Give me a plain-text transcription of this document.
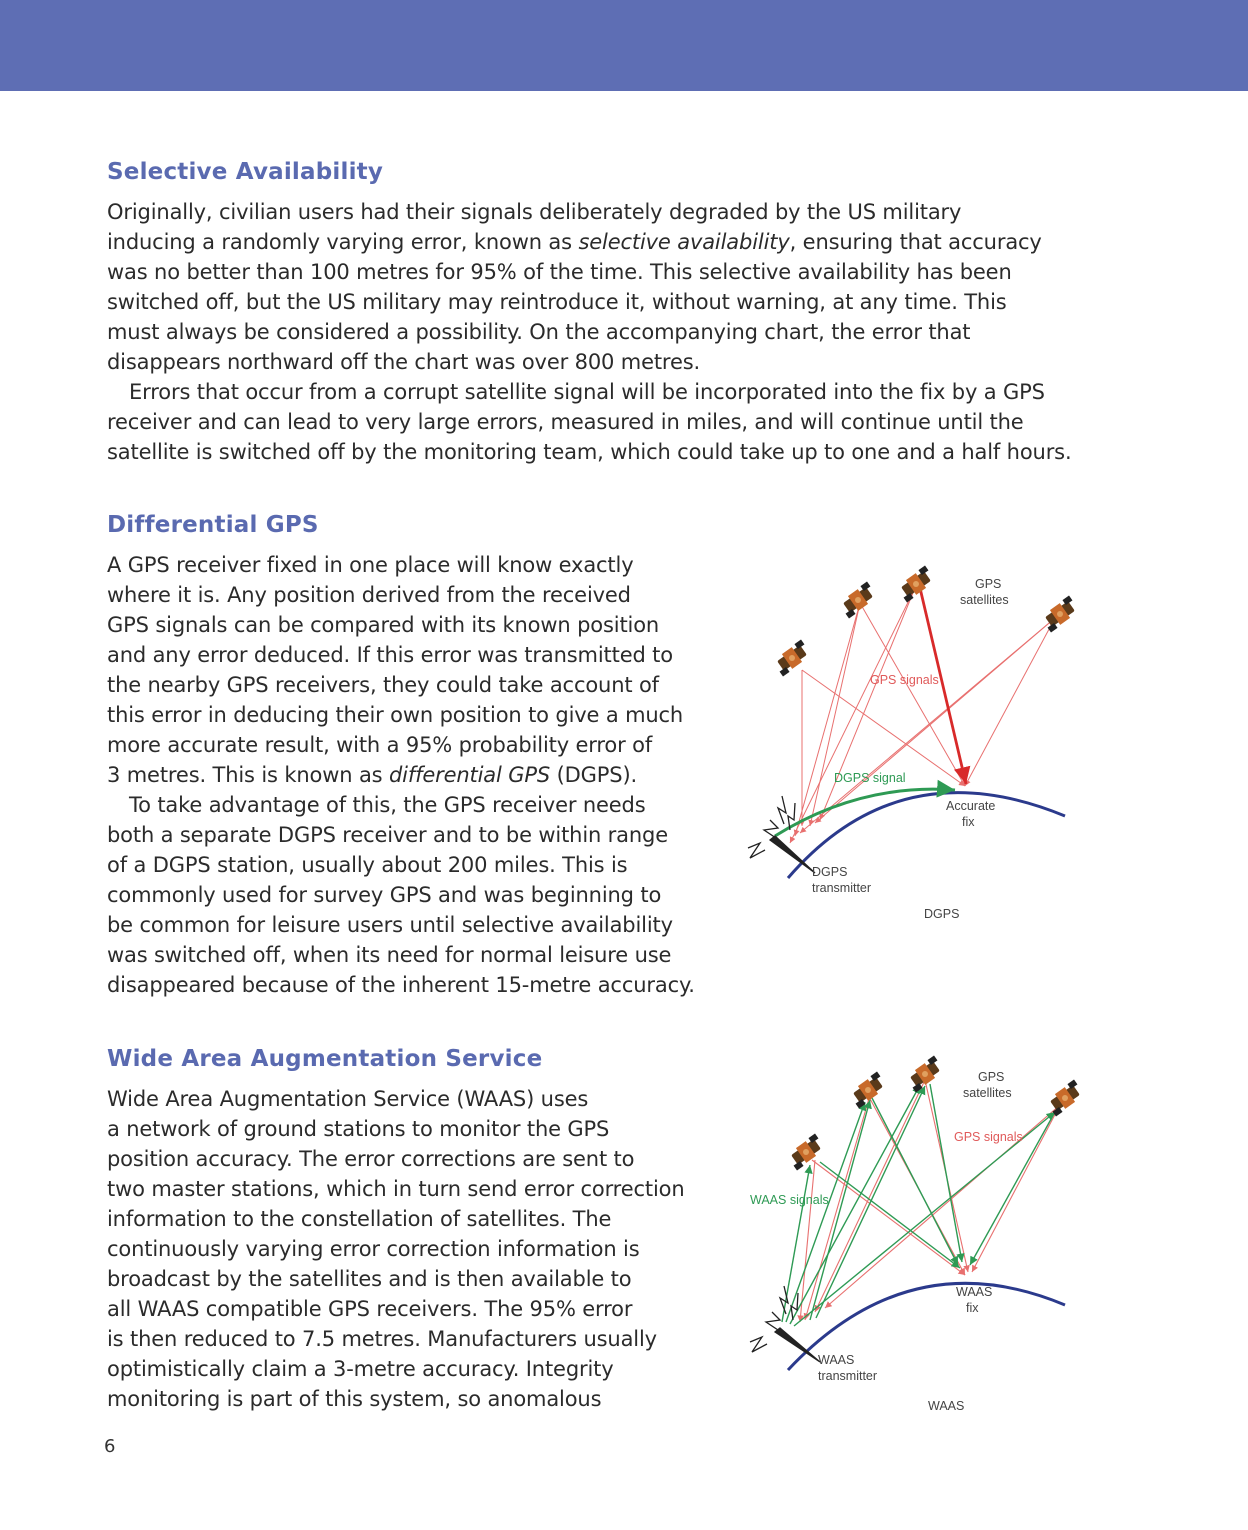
Selective Availability

Originally, civilian users had their signals deliberately degraded by the US military
inducing a randomly varying error, known as selective availability, ensuring that accuracy
was no better than 100 metres for 95% of the time. This selective availability has been
switched off, but the US military may reintroduce it, without warning, at any time. This
must always be considered a possibility. On the accompanying chart, the error that
disappears northward off the chart was over 800 metres.

Errors that occur from a corrupt satellite signal will be incorporated into the fix by a GPS
receiver and can lead to very large errors, measured in miles, and will continue until the
satellite is switched off by the monitoring team, which could take up to one and a half hours.

Differential GPS

A GPS receiver fixed in one place will know exactly
where it is. Any position derived from the received
GPS signals can be compared with its known position
and any error deduced. If this error was transmitted to
the nearby GPS receivers, they could take account of
this error in deducing their own position to give a much
more accurate result, with a 95% probability error of
3 metres. This is known as differential GPS (DGPS).

To take advantage of this, the GPS receiver needs
both a separate DGPS receiver and to be within range
of a DGPS station, usually about 200 miles. This is
commonly used for survey GPS and was beginning to
be common for leisure users until selective availability
was switched off, when its need for normal leisure use
disappeared because of the inherent 15-metre accuracy.

Wide Area Augmentation Service

Wide Area Augmentation Service (WAAS) uses
a network of ground stations to monitor the GPS
position accuracy. The error corrections are sent to
two master stations, which in turn send error correction
information to the constellation of satellites. The
continuously varying error correction information is
broadcast by the satellites and is then available to
all WAAS compatible GPS receivers. The 95% error
is then reduced to 7.5 metres. Manufacturers usually
optimistically claim a 3-metre accuracy. Integrity
monitoring is part of this system, so anomalous

GPS
satellites
GPS signals
DGPS signal
Accurate
fix
DGPS
transmitter
DGPS
GPS
satellites
GPS signals
WAAS signals
WAAS
fix
WAAS
transmitter
WAAS
6
